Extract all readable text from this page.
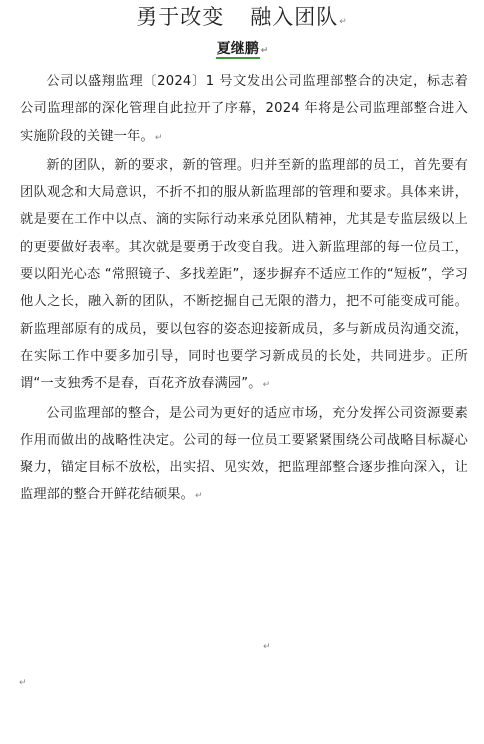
勇于改变 融入团队↵
夏继鹏 ↵

公司以盛翔监理〔2024〕1 号文发出公司监理部整合的决定，标志着公司监理部的深化管理自此拉开了序幕，2024 年将是公司监理部整合进入实施阶段的关键一年。↵

新的团队，新的要求，新的管理。归并至新的监理部的员工，首先要有团队观念和大局意识，不折不扣的服从新监理部的管理和要求。具体来讲，就是要在工作中以点、滴的实际行动来承兑团队精神，尤其是专监层级以上的更要做好表率。其次就是要勇于改变自我。进入新监理部的每一位员工，要以阳光心态 “常照镜子、多找差距”，逐步摒弃不适应工作的“短板”，学习他人之长，融入新的团队，不断挖掘自己无限的潜力，把不可能变成可能。新监理部原有的成员，要以包容的姿态迎接新成员，多与新成员沟通交流，在实际工作中要多加引导，同时也要学习新成员的长处，共同进步。正所谓“一支独秀不是春，百花齐放春满园”。↵

公司监理部的整合，是公司为更好的适应市场，充分发挥公司资源要素作用而做出的战略性决定。公司的每一位员工要紧紧围绕公司战略目标凝心聚力，锚定目标不放松，出实招、见实效，把监理部整合逐步推向深入，让监理部的整合开鲜花结硕果。↵

↵
↵
